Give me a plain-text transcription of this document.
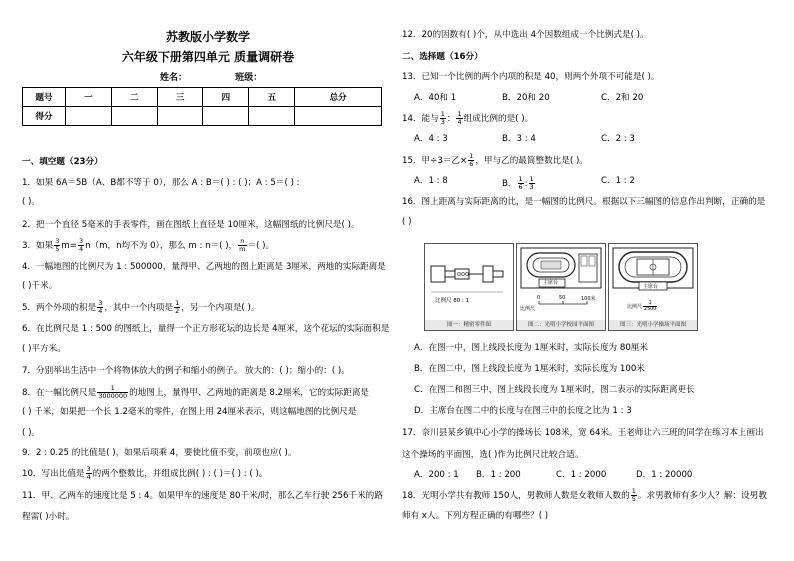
苏教版小学数学
六年级下册第四单元 质量调研卷
姓名：	班级：
题号	一	二	三	四	五	总分
得分						
一、填空题（23分）
1．如果 6A＝5B（A、B都不等于 0），那么 A : B＝( ) : ( )；A : 5＝( ) :
( )。
2．把一个直径 5毫米的手表零件，画在图纸上直径是 10厘米，这幅图纸的比例尺是( )。
3．如果 $\frac{3}{5} m= \frac{3}{4} n(m$，n均不为 0），那么 m : n＝( )， $\frac{n}{m}$ ＝( )。
4．一幅地图的比例尺为 1 : 500000，量得甲、乙两地的图上距离是 3厘米，两地的实际距离是
( )千米。
5．两个外项的积是 $\frac{3}{4}$ ，其中一个内项是 $\frac{1}{2}$ ，另一个内项是( )。
6．在比例尺是 1 : 500 的图纸上，量得一个正方形花坛的边长是 4厘米，这个花坛的实际面积是
( )平方米。
7．分别举出生活中一个将物体放大的例子和缩小的例子。 放大的：( )；缩小的：( )。
8．在一幅比例尺是 $\frac{1}{3000000}$ 的地图上，量得甲、乙两地的距离是 8.2厘米，它的实际距离是
( ) 千米，如果把一个长 1.2毫米的零件，在图上用 24厘米表示，则这幅地图的比例尺是
( )。
9．2 : 0.25 的比值是( )，如果后项乘 4，要使比值不变，前项也应( )。
10．写出比值是 $\frac{3}{4}$ 的两个整数比，并组成比例( ) : ( )＝( ) : ( )。
11．甲、乙两车的速度比是 5 : 4。如果甲车的速度是 80千米/时，那么乙车行驶 256千米的路
程需( )小时。
12．20的因数有( )个，从中选出 4个因数组成一个比例式是( )。
二、选择题（16分）
13．已知一个比例的两个内项的积是 40，则两个外项不可能是( )。
A．40和 1	B．20和 20	C．2和 20
14．能与 $\frac{1}{3}$ ： $\frac{1}{4}$ 组成比例的是( )。
A．4 : 3	B．3 : 4	C．2 : 3
15．甲÷3＝乙× $\frac{1}{6}$ ，甲与乙的最简整数比是( )。
A．1 : 8	B． $\frac{1}{6}$ : $\frac{1}{3}$	C．1 : 2
16．图上距离与实际距离的比，是一幅图的比例尺。根据以下三幅图的信息作出判断，正确的是
( )
比例尺 80 : 1
图一：精密零件图
主席台
比例尺
0	50	100米
图二：光明小学校园平面图
主席台
比例尺 $\frac{1}{2500}$
图三：光明小学操场平面图
A．在图一中，图上线段长度为 1厘米时，实际长度为 80厘米
B．在图二中，图上线段长度为 1厘米时，实际长度为 100米
C．在图二和图三中，图上线段长度为 1厘米时，图二表示的实际距离更长
D．主席台在图二中的长度与在图三中的长度之比为 1 : 3
17．奈川县某乡镇中心小学的操场长 108米，宽 64米。王老师让六三班的同学在练习本上画出
这个操场的平面图，选( )作为比例尺比较合适。
A．200 : 1 B．1 : 200	C．1 : 2000	D．1 : 20000
18．光明小学共有教师 150人，男教师人数是女教师人数的 $\frac{1}{5}$ 。求男教师有多少人？解：设男教
师有 x人。下列方程正确的有哪些？( )
